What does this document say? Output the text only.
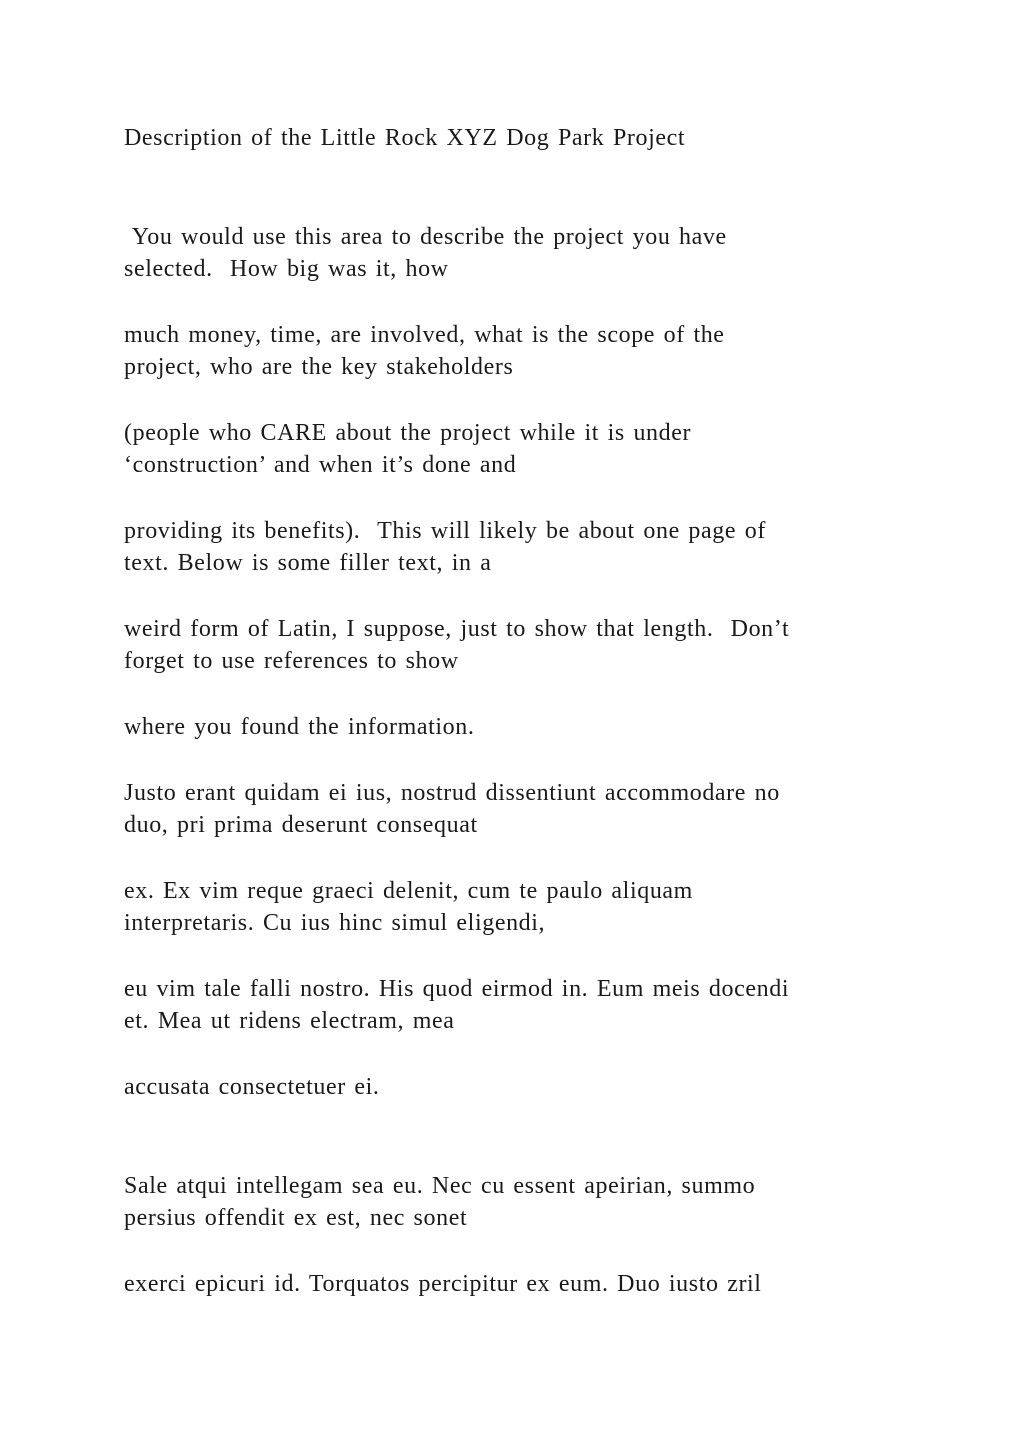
Description of the Little Rock XYZ Dog Park Project
You would use this area to describe the project you have
selected.  How big was it, how
much money, time, are involved, what is the scope of the
project, who are the key stakeholders
(people who CARE about the project while it is under
‘construction’ and when it’s done and
providing its benefits).  This will likely be about one page of
text. Below is some filler text, in a
weird form of Latin, I suppose, just to show that length.  Don’t
forget to use references to show
where you found the information.
Justo erant quidam ei ius, nostrud dissentiunt accommodare no
duo, pri prima deserunt consequat
ex. Ex vim reque graeci delenit, cum te paulo aliquam
interpretaris. Cu ius hinc simul eligendi,
eu vim tale falli nostro. His quod eirmod in. Eum meis docendi
et. Mea ut ridens electram, mea
accusata consectetuer ei.
Sale atqui intellegam sea eu. Nec cu essent apeirian, summo
persius offendit ex est, nec sonet
exerci epicuri id. Torquatos percipitur ex eum. Duo iusto zril
